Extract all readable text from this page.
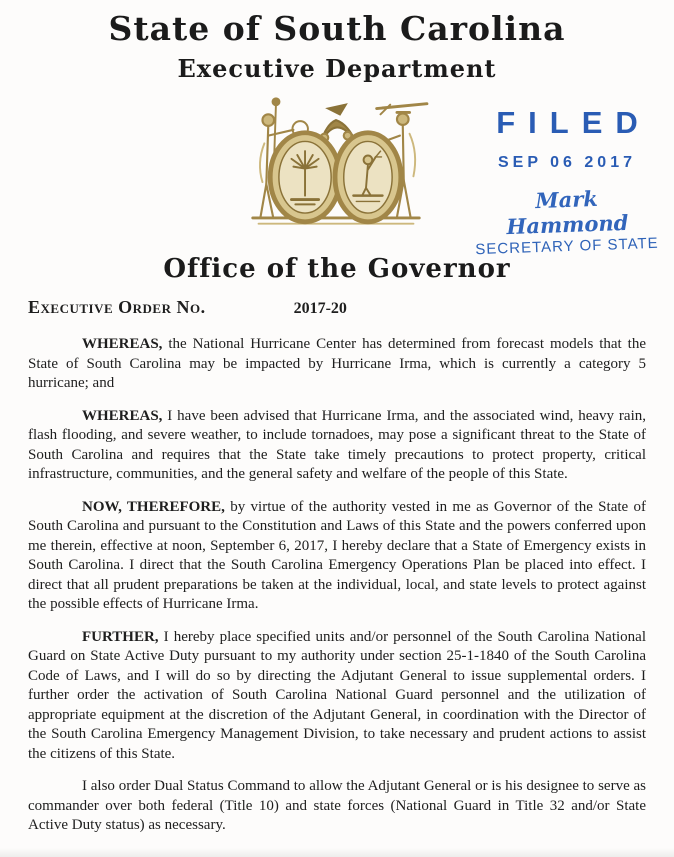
State of South Carolina
Executive Department
FILED
SEP 06 2017
Mark Hammond
SECRETARY OF STATE
Office of the Governor
Executive Order No.	2017-20

WHEREAS, the National Hurricane Center has determined from forecast models that the State of South Carolina may be impacted by Hurricane Irma, which is currently a category 5 hurricane; and

WHEREAS, I have been advised that Hurricane Irma, and the associated wind, heavy rain, flash flooding, and severe weather, to include tornadoes, may pose a significant threat to the State of South Carolina and requires that the State take timely precautions to protect property, critical infrastructure, communities, and the general safety and welfare of the people of this State.

NOW, THEREFORE, by virtue of the authority vested in me as Governor of the State of South Carolina and pursuant to the Constitution and Laws of this State and the powers conferred upon me therein, effective at noon, September 6, 2017, I hereby declare that a State of Emergency exists in South Carolina. I direct that the South Carolina Emergency Operations Plan be placed into effect. I direct that all prudent preparations be taken at the individual, local, and state levels to protect against the possible effects of Hurricane Irma.

FURTHER, I hereby place specified units and/or personnel of the South Carolina National Guard on State Active Duty pursuant to my authority under section 25-1-1840 of the South Carolina Code of Laws, and I will do so by directing the Adjutant General to issue supplemental orders. I further order the activation of South Carolina National Guard personnel and the utilization of appropriate equipment at the discretion of the Adjutant General, in coordination with the Director of the South Carolina Emergency Management Division, to take necessary and prudent actions to assist the citizens of this State.

I also order Dual Status Command to allow the Adjutant General or is his designee to serve as commander over both federal (Title 10) and state forces (National Guard in Title 32 and/or State Active Duty status) as necessary.
